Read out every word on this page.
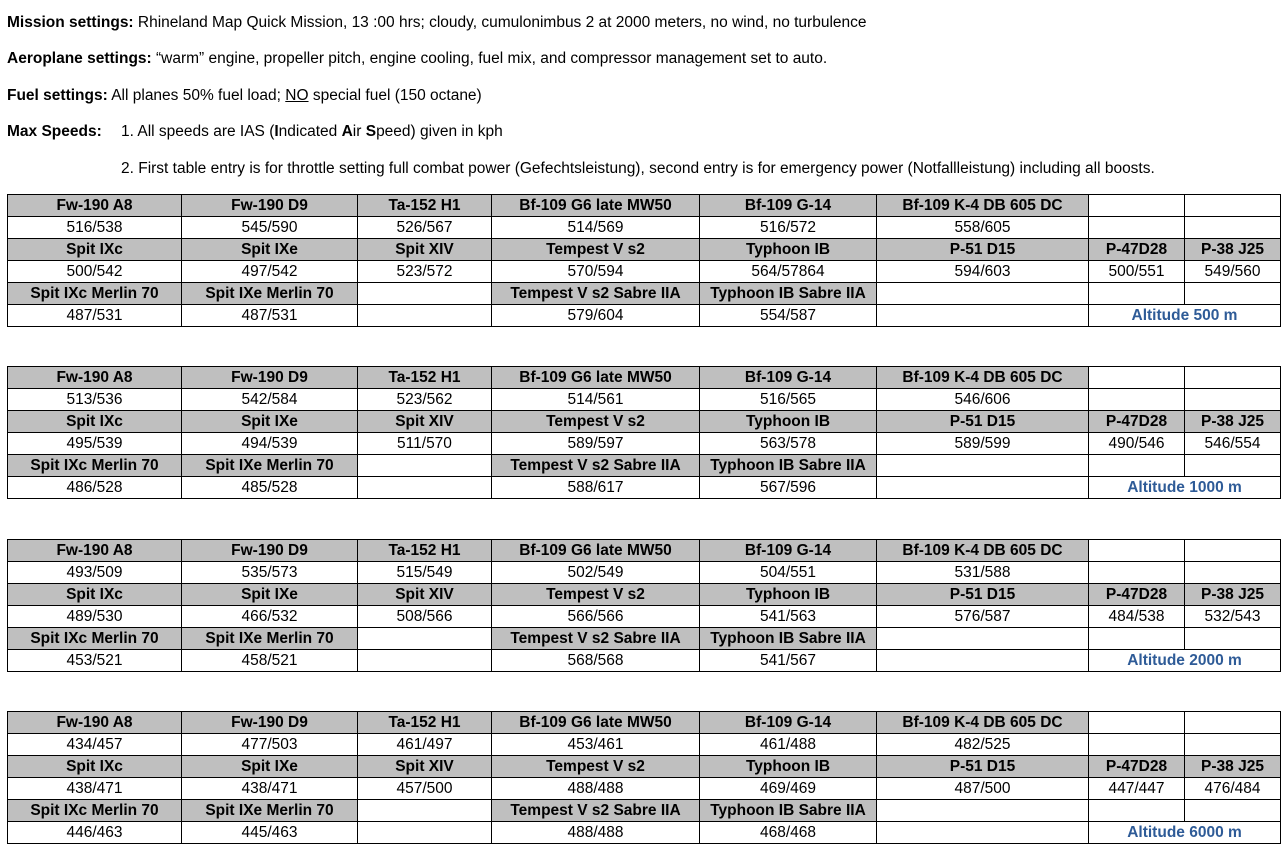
Mission settings: Rhineland Map Quick Mission, 13 :00 hrs; cloudy, cumulonimbus 2 at 2000 meters, no wind, no turbulence
Aeroplane settings: “warm” engine, propeller pitch, engine cooling, fuel mix, and compressor management set to auto.
Fuel settings: All planes 50% fuel load; NO special fuel (150 octane)
Max Speeds: 1. All speeds are IAS (Indicated Air Speed) given in kph
2. First table entry is for throttle setting full combat power (Gefechtsleistung), second entry is for emergency power (Notfallleistung) including all boosts.
Fw-190 A8	Fw-190 D9	Ta-152 H1	Bf-109 G6 late MW50	Bf-109 G-14	Bf-109 K-4 DB 605 DC		
516/538	545/590	526/567	514/569	516/572	558/605		
Spit IXc	Spit IXe	Spit XIV	Tempest V s2	Typhoon IB	P-51 D15	P-47D28	P-38 J25
500/542	497/542	523/572	570/594	564/57864	594/603	500/551	549/560
Spit IXc Merlin 70	Spit IXe Merlin 70		Tempest V s2 Sabre IIA	Typhoon IB Sabre IIA			
487/531	487/531		579/604	554/587		Altitude 500 m	
Fw-190 A8	Fw-190 D9	Ta-152 H1	Bf-109 G6 late MW50	Bf-109 G-14	Bf-109 K-4 DB 605 DC		
513/536	542/584	523/562	514/561	516/565	546/606		
Spit IXc	Spit IXe	Spit XIV	Tempest V s2	Typhoon IB	P-51 D15	P-47D28	P-38 J25
495/539	494/539	511/570	589/597	563/578	589/599	490/546	546/554
Spit IXc Merlin 70	Spit IXe Merlin 70		Tempest V s2 Sabre IIA	Typhoon IB Sabre IIA			
486/528	485/528		588/617	567/596		Altitude 1000 m	
Fw-190 A8	Fw-190 D9	Ta-152 H1	Bf-109 G6 late MW50	Bf-109 G-14	Bf-109 K-4 DB 605 DC		
493/509	535/573	515/549	502/549	504/551	531/588		
Spit IXc	Spit IXe	Spit XIV	Tempest V s2	Typhoon IB	P-51 D15	P-47D28	P-38 J25
489/530	466/532	508/566	566/566	541/563	576/587	484/538	532/543
Spit IXc Merlin 70	Spit IXe Merlin 70		Tempest V s2 Sabre IIA	Typhoon IB Sabre IIA			
453/521	458/521		568/568	541/567		Altitude 2000 m	
Fw-190 A8	Fw-190 D9	Ta-152 H1	Bf-109 G6 late MW50	Bf-109 G-14	Bf-109 K-4 DB 605 DC		
434/457	477/503	461/497	453/461	461/488	482/525		
Spit IXc	Spit IXe	Spit XIV	Tempest V s2	Typhoon IB	P-51 D15	P-47D28	P-38 J25
438/471	438/471	457/500	488/488	469/469	487/500	447/447	476/484
Spit IXc Merlin 70	Spit IXe Merlin 70		Tempest V s2 Sabre IIA	Typhoon IB Sabre IIA			
446/463	445/463		488/488	468/468		Altitude 6000 m	
